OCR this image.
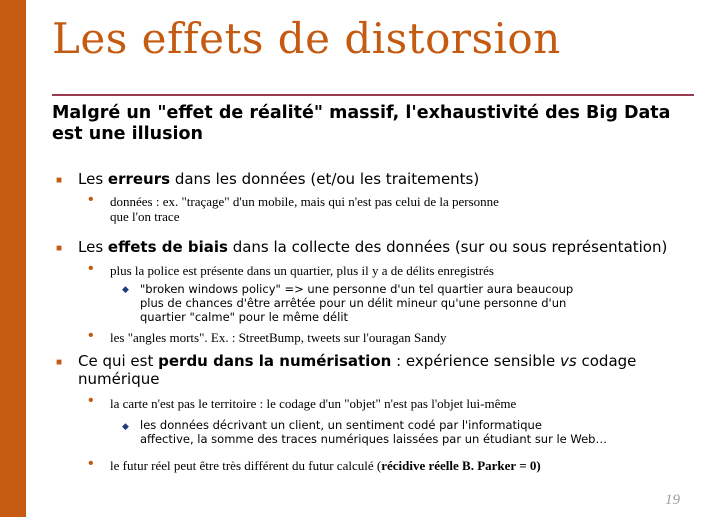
Les effets de distorsion
Malgré un "effet de réalité" massif, l'exhaustivité des Big Data est une illusion
■ Les erreurs dans les données (et/ou les traitements)
• données : ex. "traçage" d'un mobile, mais qui n'est pas celui de la personne
que l'on trace
■ Les effets de biais dans la collecte des données (sur ou sous représentation)
• plus la police est présente dans un quartier, plus il y a de délits enregistrés
◆ "broken windows policy" => une personne d'un tel quartier aura beaucoup
plus de chances d'être arrêtée pour un délit mineur qu'une personne d'un
quartier "calme" pour le même délit
• les "angles morts". Ex. : StreetBump, tweets sur l'ouragan Sandy
■ Ce qui est perdu dans la numérisation : expérience sensible vs codage
numérique
• la carte n'est pas le territoire : le codage d'un "objet" n'est pas l'objet lui-même
◆ les données décrivant un client, un sentiment codé par l'informatique
affective, la somme des traces numériques laissées par un étudiant sur le Web…
• le futur réel peut être très différent du futur calculé (récidive réelle B. Parker = 0)
19
